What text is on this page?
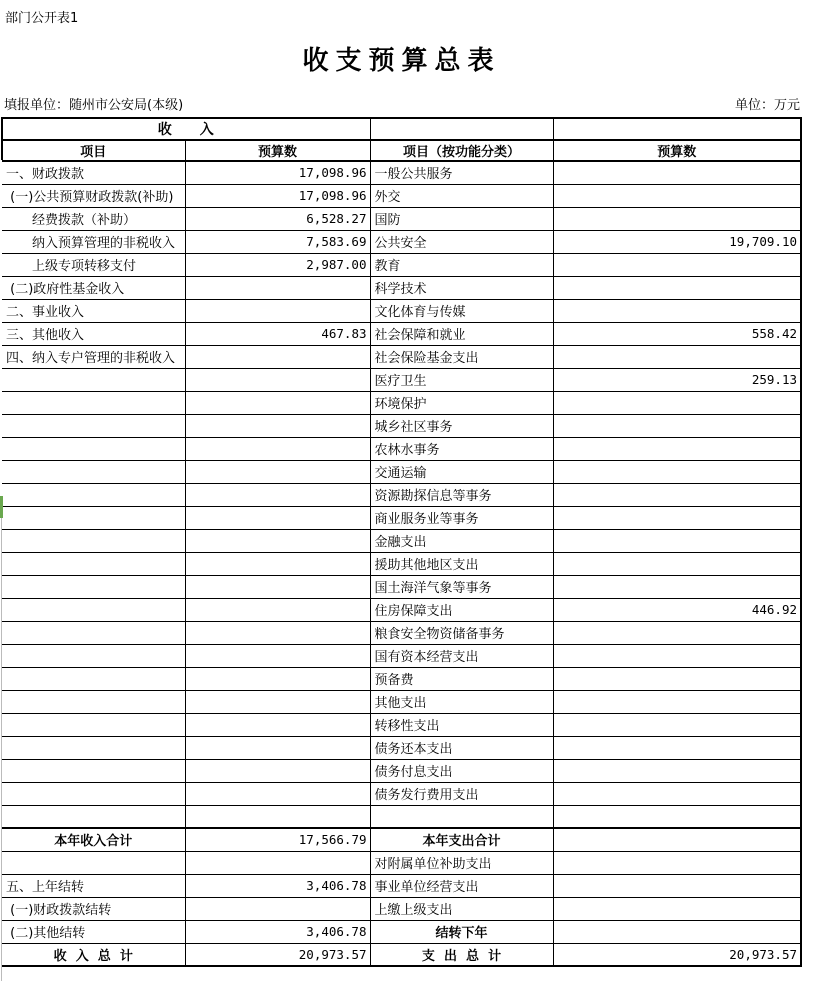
部门公开表1
收支预算总表
填报单位：随州市公安局(本级)	单位：万元
收　　入			
项目	预算数	项目（按功能分类）	预算数
一、财政拨款	17,098.96	一般公共服务	
(一)公共预算财政拨款(补助)	17,098.96	外交	
　　经费拨款（补助）	6,528.27	国防	
　　纳入预算管理的非税收入	7,583.69	公共安全	19,709.10
　　上级专项转移支付	2,987.00	教育	
(二)政府性基金收入		科学技术	
二、事业收入		文化体育与传媒	
三、其他收入	467.83	社会保障和就业	558.42
四、纳入专户管理的非税收入		社会保险基金支出	
		医疗卫生	259.13
		环境保护	
		城乡社区事务	
		农林水事务	
		交通运输	
		资源勘探信息等事务	
		商业服务业等事务	
		金融支出	
		援助其他地区支出	
		国土海洋气象等事务	
		住房保障支出	446.92
		粮食安全物资储备事务	
		国有资本经营支出	
		预备费	
		其他支出	
		转移性支出	
		债务还本支出	
		债务付息支出	
		债务发行费用支出	

本年收入合计	17,566.79	本年支出合计	
		对附属单位补助支出	
五、上年结转	3,406.78	事业单位经营支出	
(一)财政拨款结转		上缴上级支出	
(二)其他结转	3,406.78	结转下年	
收  入  总  计	20,973.57	支  出  总  计	20,973.57
